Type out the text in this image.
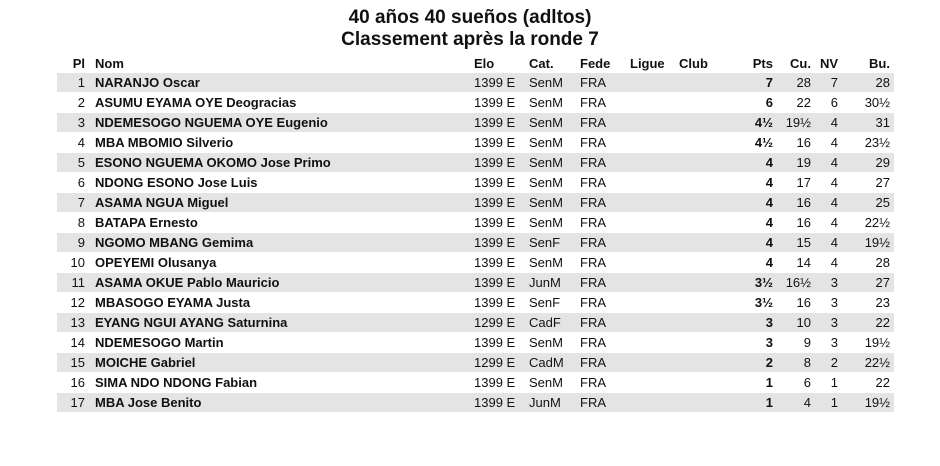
40 años 40 sueños (adltos)
Classement après la ronde 7
Pl	Nom	Elo	Cat.	Fede	Ligue	Club	Pts	Cu.	NV	Bu.
1	NARANJO Oscar	1399 E	SenM	FRA			7	28	7	28
2	ASUMU EYAMA OYE Deogracias	1399 E	SenM	FRA			6	22	6	30½
3	NDEMESOGO NGUEMA OYE Eugenio	1399 E	SenM	FRA			4½	19½	4	31
4	MBA MBOMIO Silverio	1399 E	SenM	FRA			4½	16	4	23½
5	ESONO NGUEMA OKOMO Jose Primo	1399 E	SenM	FRA			4	19	4	29
6	NDONG ESONO Jose Luis	1399 E	SenM	FRA			4	17	4	27
7	ASAMA NGUA Miguel	1399 E	SenM	FRA			4	16	4	25
8	BATAPA Ernesto	1399 E	SenM	FRA			4	16	4	22½
9	NGOMO MBANG Gemima	1399 E	SenF	FRA			4	15	4	19½
10	OPEYEMI Olusanya	1399 E	SenM	FRA			4	14	4	28
11	ASAMA OKUE Pablo Mauricio	1399 E	JunM	FRA			3½	16½	3	27
12	MBASOGO EYAMA Justa	1399 E	SenF	FRA			3½	16	3	23
13	EYANG NGUI AYANG Saturnina	1299 E	CadF	FRA			3	10	3	22
14	NDEMESOGO Martin	1399 E	SenM	FRA			3	9	3	19½
15	MOICHE Gabriel	1299 E	CadM	FRA			2	8	2	22½
16	SIMA NDO NDONG Fabian	1399 E	SenM	FRA			1	6	1	22
17	MBA Jose Benito	1399 E	JunM	FRA			1	4	1	19½
